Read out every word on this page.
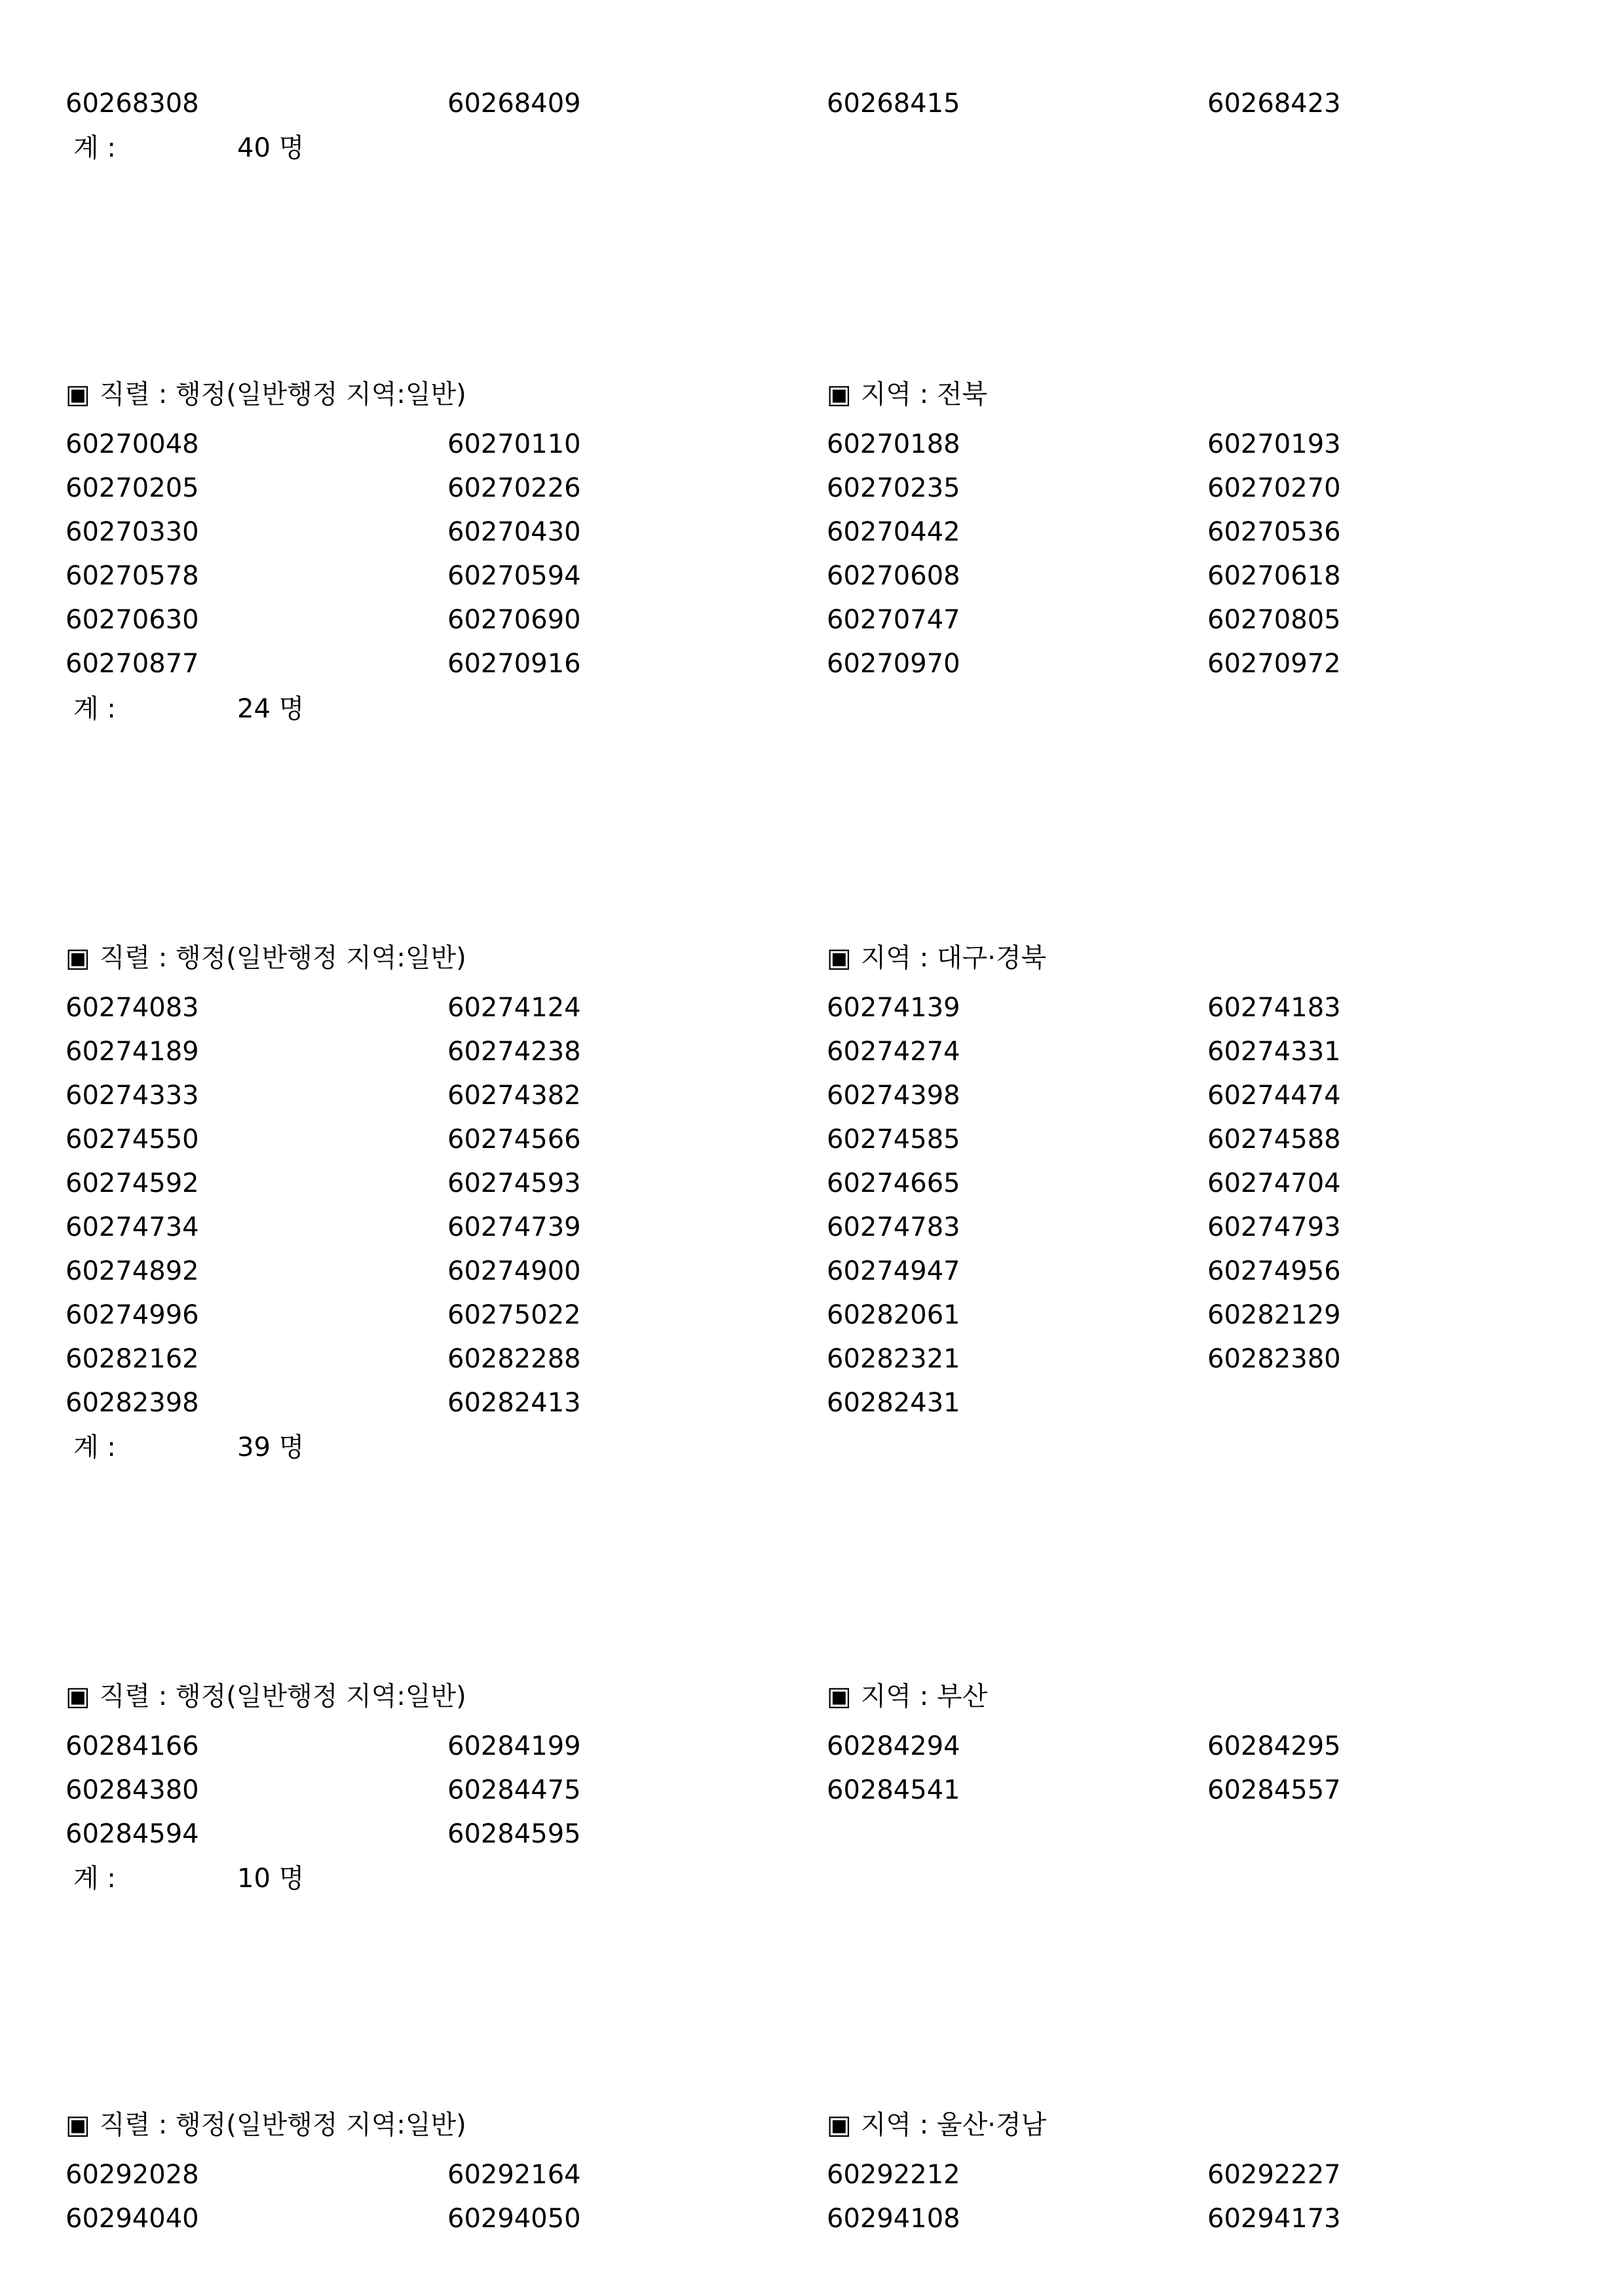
60268308	60268409	60268415	60268423
계 :	40 명
▣ 직렬 : 행정(일반행정 지역:일반)	▣ 지역 : 전북
60270048	60270110	60270188	60270193
60270205	60270226	60270235	60270270
60270330	60270430	60270442	60270536
60270578	60270594	60270608	60270618
60270630	60270690	60270747	60270805
60270877	60270916	60270970	60270972
계 :	24 명
▣ 직렬 : 행정(일반행정 지역:일반)	▣ 지역 : 대구·경북
60274083	60274124	60274139	60274183
60274189	60274238	60274274	60274331
60274333	60274382	60274398	60274474
60274550	60274566	60274585	60274588
60274592	60274593	60274665	60274704
60274734	60274739	60274783	60274793
60274892	60274900	60274947	60274956
60274996	60275022	60282061	60282129
60282162	60282288	60282321	60282380
60282398	60282413	60282431
계 :	39 명
▣ 직렬 : 행정(일반행정 지역:일반)	▣ 지역 : 부산
60284166	60284199	60284294	60284295
60284380	60284475	60284541	60284557
60284594	60284595
계 :	10 명
▣ 직렬 : 행정(일반행정 지역:일반)	▣ 지역 : 울산·경남
60292028	60292164	60292212	60292227
60294040	60294050	60294108	60294173
